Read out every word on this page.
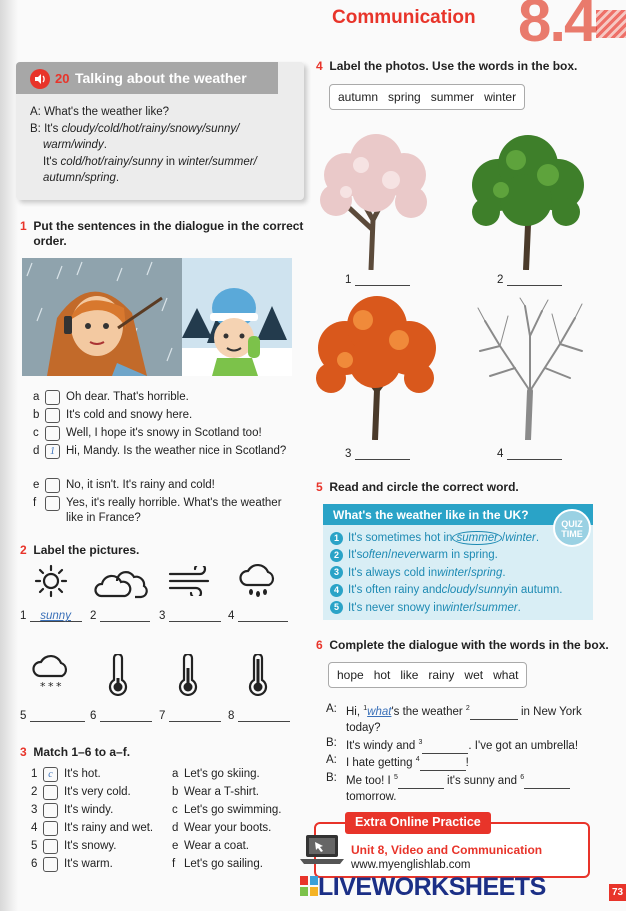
Communication 8.4
20 Talking about the weather
A: What's the weather like?
B: It's cloudy/cold/hot/rainy/snowy/sunny/
warm/windy.
It's cold/hot/rainy/sunny in winter/summer/
autumn/spring.
1 Put the sentences in the dialogue in the correct
order.
a	Oh dear. That's horrible.
b	It's cold and snowy here.
c	Well, I hope it's snowy in Scotland too!
d	1 Hi, Mandy. Is the weather nice in Scotland?
e	No, it isn't. It's rainy and cold!
f	Yes, it's really horrible. What's the weather like in France?
2 Label the pictures.
1 sunny	2	3	4
* * *
5	6	7	8
3 Match 1–6 to a–f.
1	c It's hot.	a Let's go skiing.
2	It's very cold.	b Wear a T-shirt.
3	It's windy.	c Let's go swimming.
4	It's rainy and wet.	d Wear your boots.
5	It's snowy.	e Wear a coat.
6	It's warm.	f Let's go sailing.
4 Label the photos. Use the words in the box.
autumn spring summer winter
1	2
3	4
5 Read and circle the correct word.
What's the weather like in the UK?
QUIZ
TIME
1 It's sometimes hot in summer / winter .
2 It's often / never warm in spring.
3 It's always cold in winter / spring .
4 It's often rainy and cloudy / sunny in autumn.
5 It's never snowy in winter / summer .
6 Complete the dialogue with the words in the box.
hope hot like rainy wet what
A: Hi, $^1$what's the weather $^2$	in New York
today?
B: It's windy and $^3$	. I've got an umbrella!
A: I hate getting $^4$	!
B: Me too! I $^5$	it's sunny and $^6$
tomorrow.
Extra Online Practice
Unit 8, Video and Communication
www.myenglishlab.com
LIVEWORKSHEETS	73
